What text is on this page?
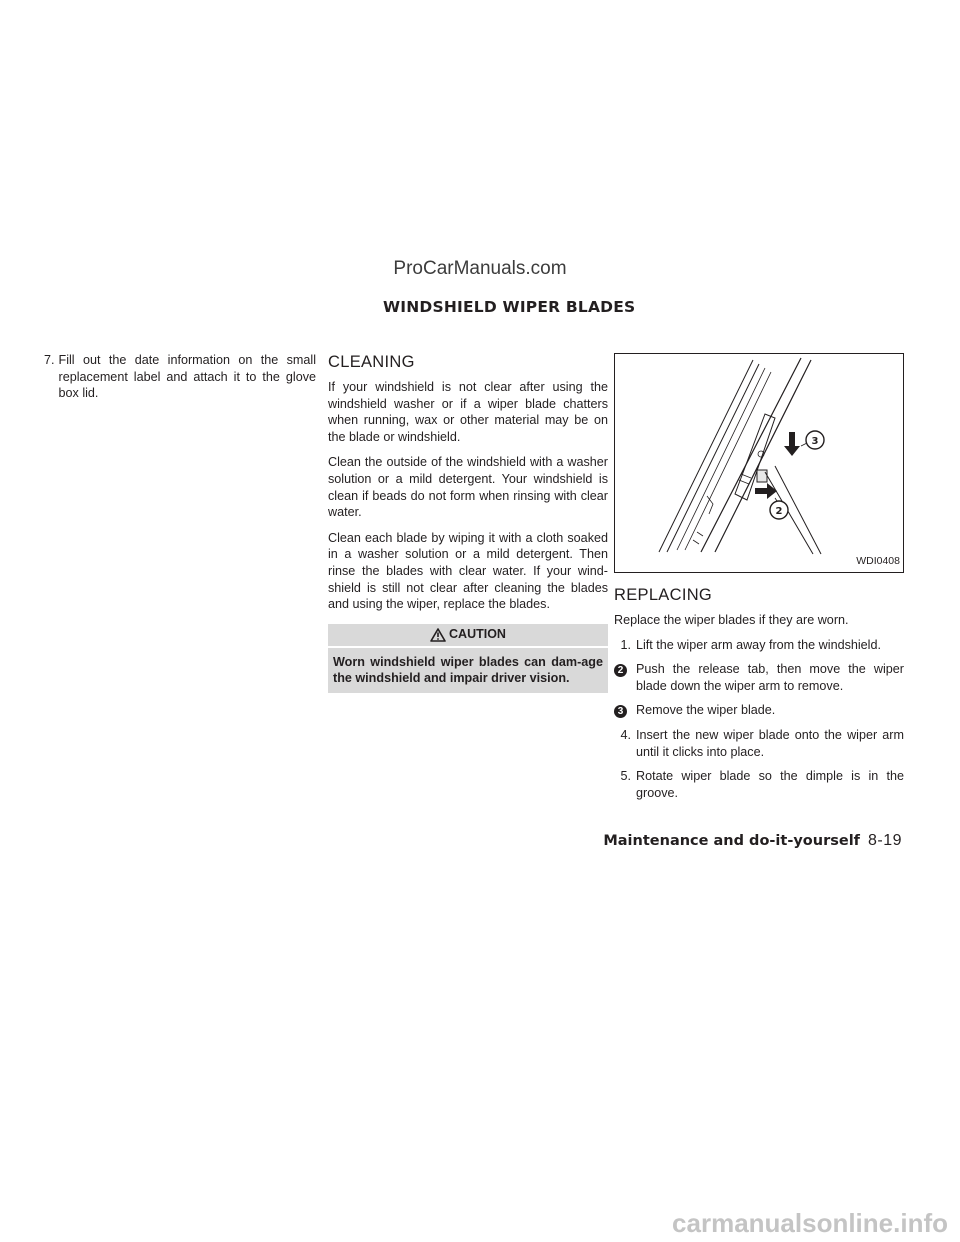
ProCarManuals.com
WINDSHIELD WIPER BLADES
7. Fill out the date information on the small replacement label and attach it to the glove box lid.
CLEANING

If your windshield is not clear after using the windshield washer or if a wiper blade chatters when running, wax or other material may be on the blade or windshield.

Clean the outside of the windshield with a washer solution or a mild detergent. Your windshield is clean if beads do not form when rinsing with clear water.

Clean each blade by wiping it with a cloth soaked in a washer solution or a mild detergent. Then rinse the blades with clear water. If your wind-shield is still not clear after cleaning the blades and using the wiper, replace the blades.

CAUTION
Worn windshield wiper blades can dam-age the windshield and impair driver vision.
3
2
WDI0408
REPLACING

Replace the wiper blades if they are worn.

1. Lift the wiper arm away from the windshield.
2	Push the release tab, then move the wiper blade down the wiper arm to remove.
3	Remove the wiper blade.
4. Insert the new wiper blade onto the wiper arm until it clicks into place.
5. Rotate wiper blade so the dimple is in the groove.
Maintenance and do-it-yourself 8-19
carmanualsonline.info
